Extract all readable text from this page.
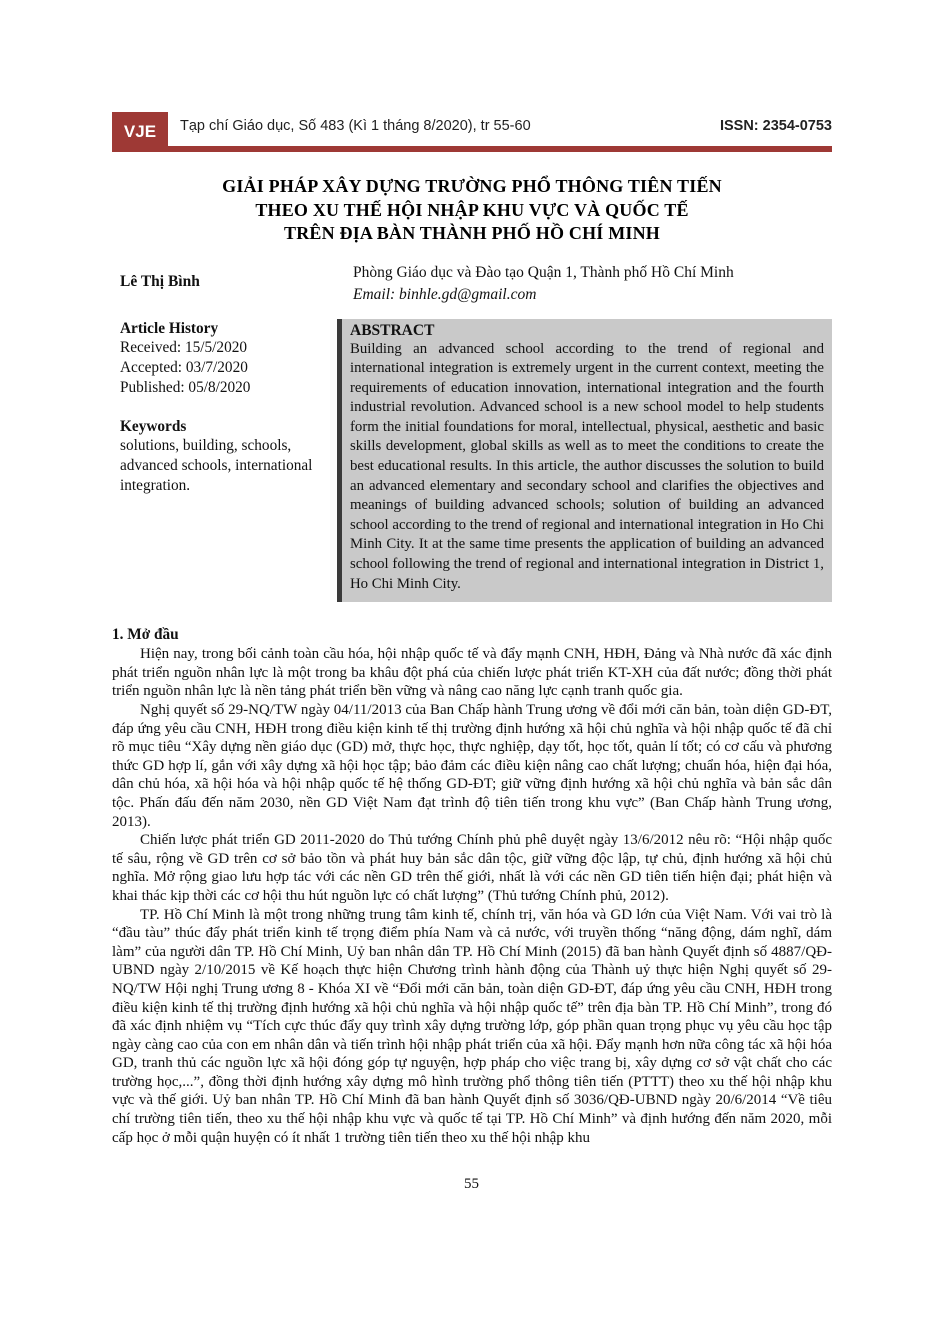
VJE	Tạp chí Giáo dục, Số 483 (Kì 1 tháng 8/2020), tr 55-60	ISSN: 2354-0753
GIẢI PHÁP XÂY DỰNG TRƯỜNG PHỔ THÔNG TIÊN TIẾN
THEO XU THẾ HỘI NHẬP KHU VỰC VÀ QUỐC TẾ
TRÊN ĐỊA BÀN THÀNH PHỐ HỒ CHÍ MINH
Lê Thị Bình
Phòng Giáo dục và Đào tạo Quận 1, Thành phố Hồ Chí Minh
Email: binhle.gd@gmail.com
Article History
Received: 15/5/2020
Accepted: 03/7/2020
Published: 05/8/2020
Keywords
solutions, building, schools, advanced schools, international integration.
ABSTRACT

Building an advanced school according to the trend of regional and international integration is extremely urgent in the current context, meeting the requirements of education innovation, international integration and the fourth industrial revolution. Advanced school is a new school model to help students form the initial foundations for moral, intellectual, physical, aesthetic and basic skills development, global skills as well as to meet the conditions to create the best educational results. In this article, the author discusses the solution to build an advanced elementary and secondary school and clarifies the objectives and meanings of building advanced schools; solution of building an advanced school according to the trend of regional and international integration in Ho Chi Minh City. It at the same time presents the application of building an advanced school following the trend of regional and international integration in District 1, Ho Chi Minh City.

1. Mở đầu

Hiện nay, trong bối cảnh toàn cầu hóa, hội nhập quốc tế và đẩy mạnh CNH, HĐH, Đảng và Nhà nước đã xác định phát triển nguồn nhân lực là một trong ba khâu đột phá của chiến lược phát triển KT-XH của đất nước; đồng thời phát triển nguồn nhân lực là nền tảng phát triển bền vững và nâng cao năng lực cạnh tranh quốc gia.

Nghị quyết số 29-NQ/TW ngày 04/11/2013 của Ban Chấp hành Trung ương về đổi mới căn bản, toàn diện GD-ĐT, đáp ứng yêu cầu CNH, HĐH trong điều kiện kinh tế thị trường định hướng xã hội chủ nghĩa và hội nhập quốc tế đã chỉ rõ mục tiêu “Xây dựng nền giáo dục (GD) mở, thực học, thực nghiệp, dạy tốt, học tốt, quản lí tốt; có cơ cấu và phương thức GD hợp lí, gắn với xây dựng xã hội học tập; bảo đảm các điều kiện nâng cao chất lượng; chuẩn hóa, hiện đại hóa, dân chủ hóa, xã hội hóa và hội nhập quốc tế hệ thống GD-ĐT; giữ vững định hướng xã hội chủ nghĩa và bản sắc dân tộc. Phấn đấu đến năm 2030, nền GD Việt Nam đạt trình độ tiên tiến trong khu vực” (Ban Chấp hành Trung ương, 2013).

Chiến lược phát triển GD 2011-2020 do Thủ tướng Chính phủ phê duyệt ngày 13/6/2012 nêu rõ: “Hội nhập quốc tế sâu, rộng về GD trên cơ sở bảo tồn và phát huy bản sắc dân tộc, giữ vững độc lập, tự chủ, định hướng xã hội chủ nghĩa. Mở rộng giao lưu hợp tác với các nền GD trên thế giới, nhất là với các nền GD tiên tiến hiện đại; phát hiện và khai thác kịp thời các cơ hội thu hút nguồn lực có chất lượng” (Thủ tướng Chính phủ, 2012).

TP. Hồ Chí Minh là một trong những trung tâm kinh tế, chính trị, văn hóa và GD lớn của Việt Nam. Với vai trò là “đầu tàu” thúc đẩy phát triển kinh tế trọng điểm phía Nam và cả nước, với truyền thống “năng động, dám nghĩ, dám làm” của người dân TP. Hồ Chí Minh, Uỷ ban nhân dân TP. Hồ Chí Minh (2015) đã ban hành Quyết định số 4887/QĐ-UBND ngày 2/10/2015 về Kế hoạch thực hiện Chương trình hành động của Thành uỷ thực hiện Nghị quyết số 29-NQ/TW Hội nghị Trung ương 8 - Khóa XI về “Đổi mới căn bản, toàn diện GD-ĐT, đáp ứng yêu cầu CNH, HĐH trong điều kiện kinh tế thị trường định hướng xã hội chủ nghĩa và hội nhập quốc tế” trên địa bàn TP. Hồ Chí Minh”, trong đó đã xác định nhiệm vụ “Tích cực thúc đẩy quy trình xây dựng trường lớp, góp phần quan trọng phục vụ yêu cầu học tập ngày càng cao của con em nhân dân và tiến trình hội nhập phát triển của xã hội. Đẩy mạnh hơn nữa công tác xã hội hóa GD, tranh thủ các nguồn lực xã hội đóng góp tự nguyện, hợp pháp cho việc trang bị, xây dựng cơ sở vật chất cho các trường học,...”, đồng thời định hướng xây dựng mô hình trường phổ thông tiên tiến (PTTT) theo xu thế hội nhập khu vực và thế giới. Uỷ ban nhân TP. Hồ Chí Minh đã ban hành Quyết định số 3036/QĐ-UBND ngày 20/6/2014 “Về tiêu chí trường tiên tiến, theo xu thế hội nhập khu vực và quốc tế tại TP. Hồ Chí Minh” và định hướng đến năm 2020, mỗi cấp học ở mỗi quận huyện có ít nhất 1 trường tiên tiến theo xu thế hội nhập khu

55
